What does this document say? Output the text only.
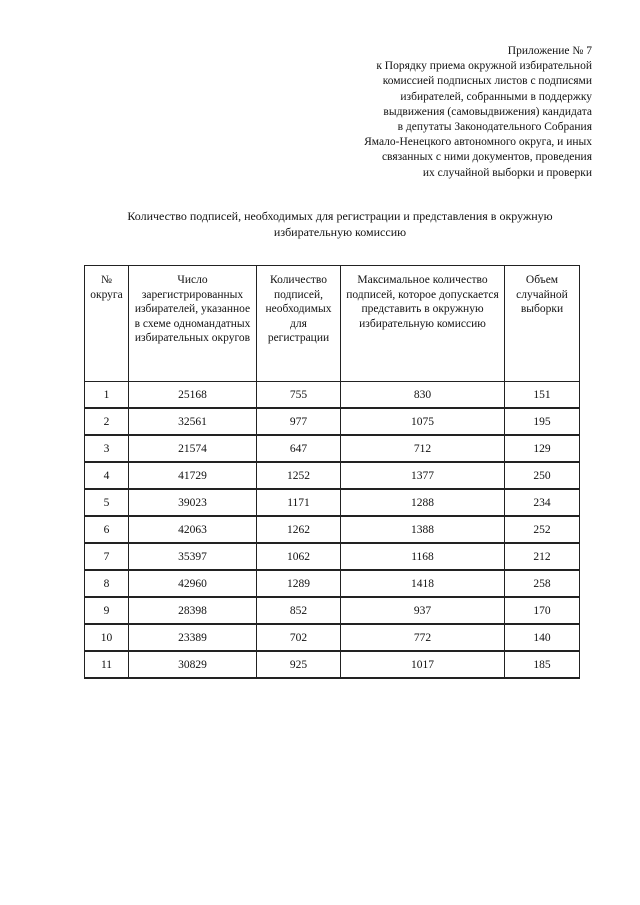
Приложение № 7
к Порядку приема окружной избирательной
комиссией подписных листов с подписями
избирателей, собранными в поддержку
выдвижения (самовыдвижения) кандидата
в депутаты Законодательного Собрания
Ямало-Ненецкого автономного округа, и иных
связанных с ними документов, проведения
их случайной выборки и проверки
Количество подписей, необходимых для регистрации и представления в окружную
избирательную комиссию
№ округа	Число зарегистрированных избирателей, указанное в схеме одномандатных избирательных округов	Количество подписей, необходимых для регистрации	Максимальное количество подписей, которое допускается представить в окружную избирательную комиссию	Объем случайной выборки
1	25168	755	830	151
2	32561	977	1075	195
3	21574	647	712	129
4	41729	1252	1377	250
5	39023	1171	1288	234
6	42063	1262	1388	252
7	35397	1062	1168	212
8	42960	1289	1418	258
9	28398	852	937	170
10	23389	702	772	140
11	30829	925	1017	185
